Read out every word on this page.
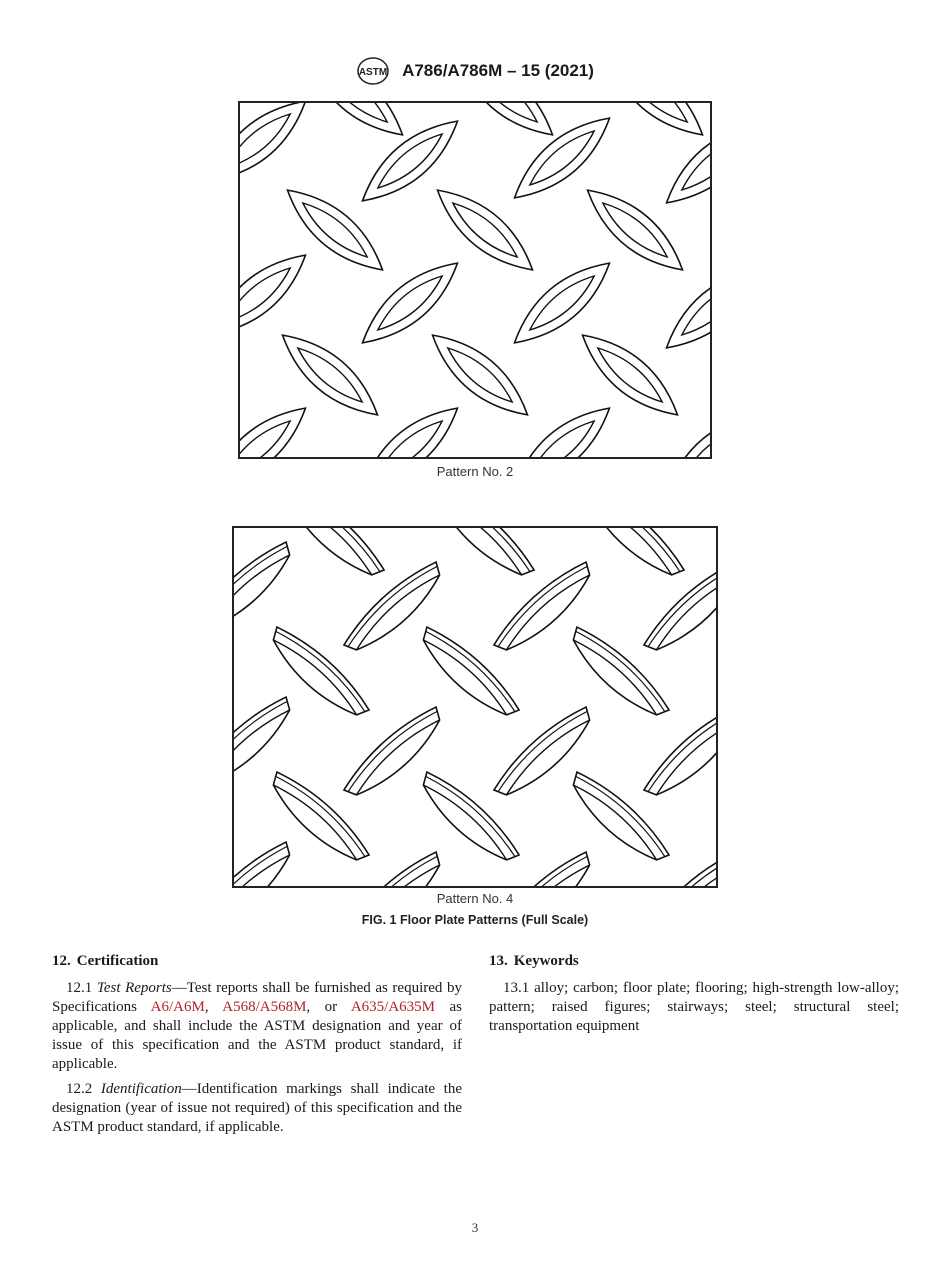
ASTM A786/A786M – 15 (2021)
Pattern No. 2
Pattern No. 4
FIG. 1 Floor Plate Patterns (Full Scale)
12. Certification

12.1 Test Reports—Test reports shall be furnished as required by Specifications A6/A6M, A568/A568M, or A635/A635M as applicable, and shall include the ASTM designation and year of issue of this specification and the ASTM product standard, if applicable.

12.2 Identification—Identification markings shall indicate the designation (year of issue not required) of this specification and the ASTM product standard, if applicable.

13. Keywords

13.1 alloy; carbon; floor plate; flooring; high-strength low-alloy; pattern; raised figures; stairways; steel; structural steel; transportation equipment

3
